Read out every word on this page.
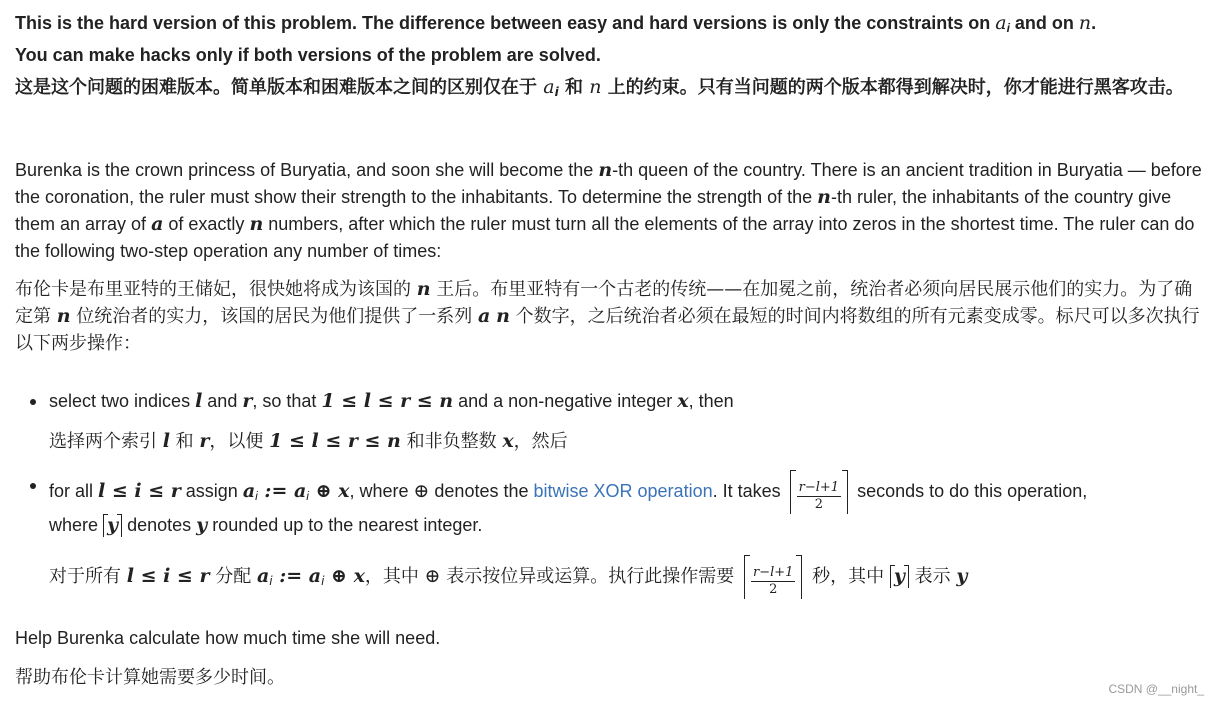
This is the hard version of this problem. The difference between easy and hard versions is only the constraints on $a_i$ and on n.
You can make hacks only if both versions of the problem are solved.
这是这个问题的困难版本。简单版本和困难版本之间的区别仅在于 $a_i$ 和 n 上的约束。只有当问题的两个版本都得到解决时，你才能进行黑客攻击。
Burenka is the crown princess of Buryatia, and soon she will become the n-th queen of the country. There is an ancient tradition in Buryatia — before the coronation, the ruler must show their strength to the inhabitants. To determine the strength of the n-th ruler, the inhabitants of the country give them an array of a of exactly n numbers, after which the ruler must turn all the elements of the array into zeros in the shortest time. The ruler can do the following two-step operation any number of times:
布伦卡是布里亚特的王储妃，很快她将成为该国的 n 王后。布里亚特有一个古老的传统——在加冕之前，统治者必须向居民展示他们的实力。为了确定第 n 位统治者的实力，该国的居民为他们提供了一系列 a n 个数字，之后统治者必须在最短的时间内将数组的所有元素变成零。标尺可以多次执行以下两步操作：
select two indices l and r, so that 1 ≤ l ≤ r ≤ n and a non-negative integer x, then
选择两个索引 l 和 r，以便 1 ≤ l ≤ r ≤ n 和非负整数 x，然后
for all l ≤ i ≤ r assign $a_i$ := $a_i$ ⊕ x, where ⊕ denotes the bitwise XOR operation. It takes $\frac{r-l+1}{2}$ seconds to do this operation,
where
y
denotes y rounded up to the nearest integer.
对于所有 l ≤ i ≤ r 分配 $a_i$ := $a_i$ ⊕ x，其中 ⊕ 表示按位异或运算。执行此操作需要 $\frac{r-l+1}{2}$ 秒，其中
y
表示 y
Help Burenka calculate how much time she will need.
帮助布伦卡计算她需要多少时间。
CSDN @__night_
